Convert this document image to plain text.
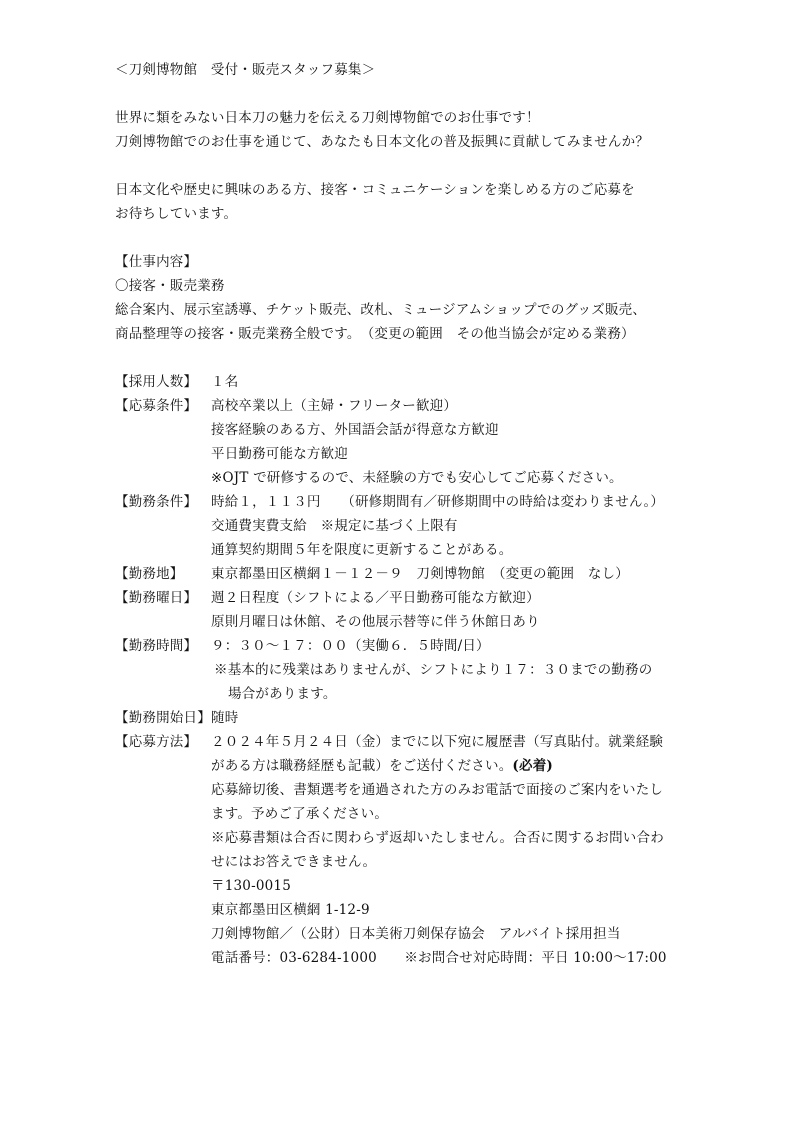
＜刀剣博物館　受付・販売スタッフ募集＞
世界に類をみない日本刀の魅力を伝える刀剣博物館でのお仕事です！
刀剣博物館でのお仕事を通じて、あなたも日本文化の普及振興に貢献してみませんか？
日本文化や歴史に興味のある方、接客・コミュニケーションを楽しめる方のご応募を
お待ちしています。
【仕事内容】
〇接客・販売業務
総合案内、展示室誘導、チケット販売、改札、ミュージアムショップでのグッズ販売、
商品整理等の接客・販売業務全般です。　（変更の範囲　その他当協会が定める業務）
【採用人数】 １名
【応募条件】 高校卒業以上（主婦・フリーター歓迎）
接客経験のある方、外国語会話が得意な方歓迎
平日勤務可能な方歓迎
※OJT で研修するので、未経験の方でも安心してご応募ください。
【勤務条件】 時給１，１１３円　　（研修期間有／研修期間中の時給は変わりません。）
交通費実費支給　※規定に基づく上限有
通算契約期間５年を限度に更新することがある。
【勤務地】 東京都墨田区横網１－１２－９　刀剣博物館　（変更の範囲　なし）
【勤務曜日】 週２日程度（シフトによる／平日勤務可能な方歓迎）
原則月曜日は休館、その他展示替等に伴う休館日あり
【勤務時間】 ９：３０～１７：００（実働６．５時間/日）
※基本的に残業はありませんが、シフトにより１７：３０までの勤務の
場合があります。
【勤務開始日】 随時
【応募方法】 ２０２４年５月２４日（金）までに以下宛に履歴書（写真貼付。就業経験
がある方は職務経歴も記載）をご送付ください。(必着)
応募締切後、書類選考を通過された方のみお電話で面接のご案内をいたし
ます。予めご了承ください。
※応募書類は合否に関わらず返却いたしません。合否に関するお問い合わ
せにはお答えできません。
〒130-0015
東京都墨田区横網 1-12-9
刀剣博物館／（公財）日本美術刀剣保存協会　アルバイト採用担当
電話番号：03-6284-1000　　※お問合せ対応時間：平日 10:00～17:00
